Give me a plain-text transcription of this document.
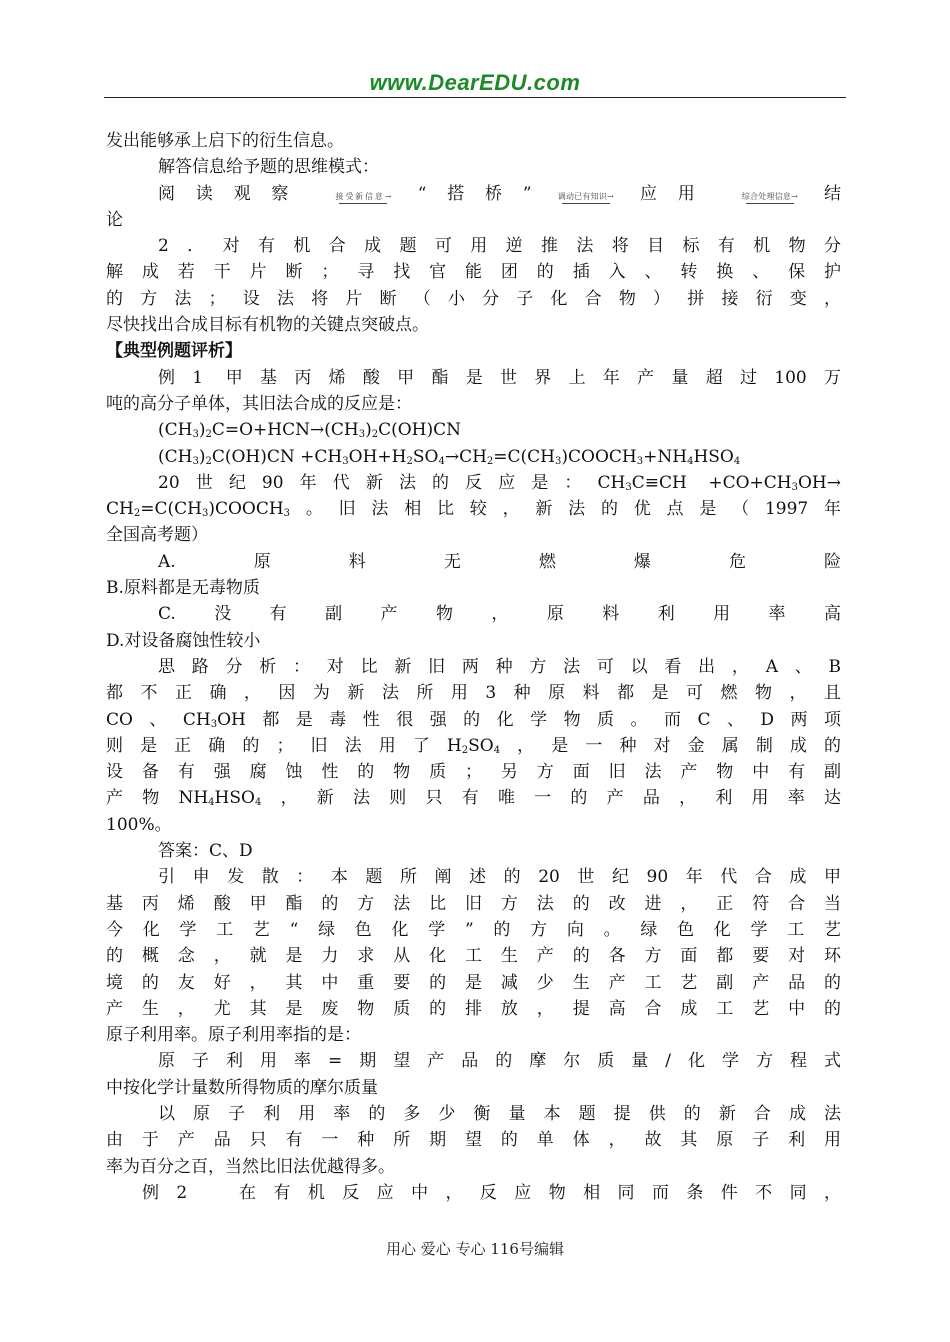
www.DearEDU.com
发出能够承上启下的衍生信息。
解答信息给予题的思维模式：
阅读观察	接受新信息→ “搭桥”	调动已有知识→ 应用	综合处理信息→ 结
论
2．对有机合成题可用逆推法将目标有机物分
解成若干片断；寻找官能团的插入、转换、保护
的方法；设法将片断（小分子化合物）拼接衍变，
尽快找出合成目标有机物的关键点突破点。
【典型例题评析】
例1 甲基丙烯酸甲酯是世界上年产量超过100万
吨的高分子单体，其旧法合成的反应是：
$(CH_3)_2C=O+HCN\to(CH_3)_2C(OH)CN$
$(CH_3)_2C(OH)CN$ $+CH_3OH+H_2SO_4\to CH_2=C(CH_3)COOCH_3+NH_4HSO_4$
20世纪90年代新法的反应是：$CH_3C\equiv CH +CO+CH_3OH\to$
$CH_2=C(CH_3)COOCH_3$。旧法相比较，新法的优点是（1997年
全国高考题）
A.原料无燃爆危险
B.原料都是无毒物质
C.没有副产物，原料利用率高
D.对设备腐蚀性较小
思路分析：对比新旧两种方法可以看出，A、B
都不正确，因为新法所用3种原料都是可燃物，且
CO、$CH_3OH$都是毒性很强的化学物质。而C、D两项
则是正确的；旧法用了$H_2SO_4$，是一种对金属制成的
设备有强腐蚀性的物质；另方面旧法产物中有副
产物$NH_4HSO_4$，新法则只有唯一的产品，利用率达
100%。
答案：C、D
引申发散：本题所阐述的20世纪90年代合成甲
基丙烯酸甲酯的方法比旧方法的改进，正符合当
今化学工艺“绿色化学”的方向。绿色化学工艺
的概念，就是力求从化工生产的各方面都要对环
境的友好，其中重要的是减少生产工艺副产品的
产生，尤其是废物质的排放，提高合成工艺中的
原子利用率。原子利用率指的是：
原子利用率=期望产品的摩尔质量/化学方程式
中按化学计量数所得物质的摩尔质量
以原子利用率的多少衡量本题提供的新合成法
由于产品只有一种所期望的单体，故其原子利用
率为百分之百，当然比旧法优越得多。
例2　在有机反应中，反应物相同而条件不同，
用心 爱心 专心 116号编辑
